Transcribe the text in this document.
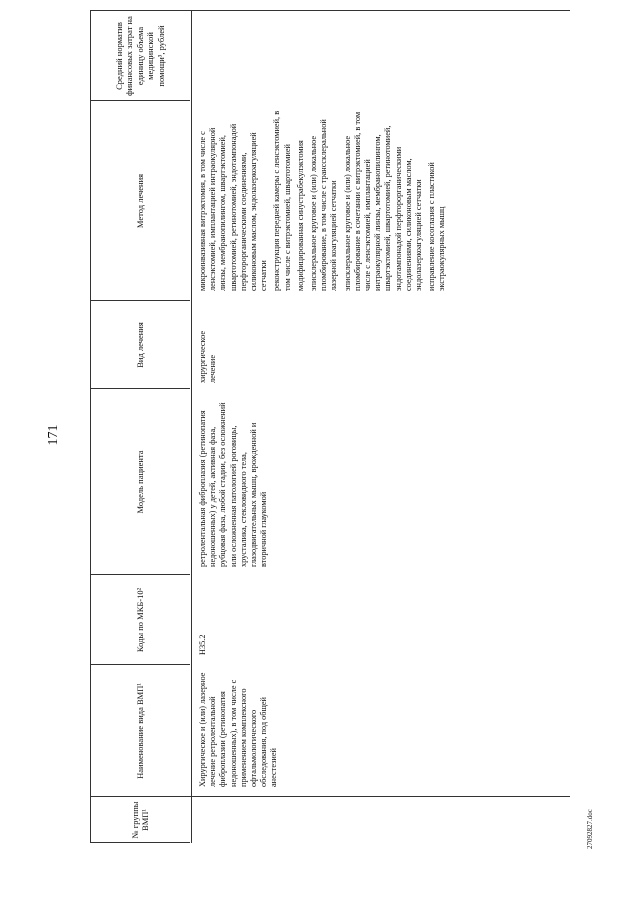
171
№ группы ВМП¹
Наименование вида ВМП¹
Коды по МКБ-10²
Модель пациента
Вид лечения
Метод лечения
Средний норматив финансовых затрат на единицу объема медицинской помощи³, рублей
Хирургическое и (или) лазерное лечение ретролентальной фиброплазии (ретинопатия недоношенных), в том числе с применением комплексного офтальмологического обследования, под общей анестезией
H35.2
ретролентальная фиброплазия (ретинопатия недоношенных) у детей, активная фаза, рубцовая фаза, любой стадии, без осложнений или осложненная патологией роговицы, хрусталика, стекловидного тела, глазодвигательных мышц, врожденной и вторичной глаукомой
хирургическое лечение

микроинвазивная витрэктомия, в том числе с ленсэктомией, имплантацией интраокулярной линзы, мембранопилингом, швартэктомией, швартотомией, ретинотомией, эндотампонадой перфторорганическими соединениями, силиконовым маслом, эндолазеркоагуляцией сетчатки реконструкция передней камеры с ленсэктомией, в том числе с витрэктомией, швартотомией модифицированная синустрабекулэктомия эписклеральное круговое и (или) локальное пломбирование, в том числе с транссклеральной лазерной коагуляцией сетчатки эписклеральное круговое и (или) локальное пломбирование в сочетании с витрэктомией, в том числе с ленсэктомией, имплантацией интраокулярной линзы, мембранопилингом, швартэктомией, швартотомией, ретинотомией, эндотампонадой перфторорганическими соединениями, силиконовым маслом, эндолазеркоагуляцией сетчатки исправление косоглазия с пластикой экстраокулярных мышц

27092827.doc
